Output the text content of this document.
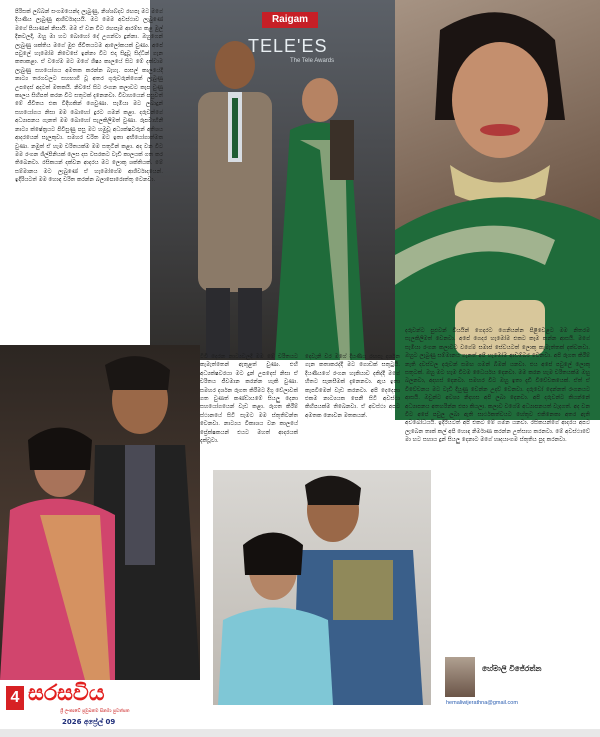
Raigam
TELE'ES
The Tele Awards

පිරිසක් ලබ්බන් සංගමයෙන්ද ලැබුණු, නිශ්ශබ්දව රඟපෑ මට මගේ දියණිය ලැබුණු ආශිර්වාදයයි. මට මෙම අවස්ථාව ලැබුණේ මගේ පියාණන් නිසායි. මම ඒ වන විට රඟපෑම ආරම්භ කළ මුල් දිනවලදී, ඔහු මා හට බොහෝ දේ උගන්වා දුන්නා. ඔහුගෙන් ලැබුණු ශක්තිය මගේ මුළු ජීවිතයටම ආලෝකයක් වුණා. අපේ පවුලේ හැමෝම නිවෙසේ ඉන්නා විට එදා සිදුවූ සිද්ධීන් ගැන කතාකළා. ඒ වගේම මට මගේ ශිෂ්‍ය කාලයේ සිට මේ දක්වාම ලැබුණු සහයෝගය අමතක කරන්න බැහැ. පාසල් කාලයේදී නාට්‍ය තරගවලට සහභාගි වූ අතර ගුරුවරුන්ගෙන් ලැබුණු උපදෙස් අදටත් මතකයි. නිවසේ සිට රංගන කලාවට කැප වුණු කාලය සිහිපත් කරන විට සතුටක් දැනෙනවා. විවාහයෙන් පසුවත් මේ ජීවිතය එක විදිහකින් ගෙවුණා. සැමියා මට ලබාදුන් සහයෝගය නිසා මම බොහෝ දුරට ගමන් කළා. දරුවන්ගේ අධ්‍යාපනය ගැනත් මම බොහෝ සැලකිලිමත් වුණා. රූපවාහිනී නාට්‍ය ක්ෂේත්‍රයට පිවිසුණු පසු මට හමුවූ අධ්‍යක්ෂවරුන් අතිශය ආදරයෙන් සැලකුවා. සමහර චරිත මට ඉතා අභියෝගාත්මක වුණා. නමුත් ඒ හැම චරිතයක්ම මම සතුටින් කළා. අද වන විට මම රංගන ශිල්පිනියක් ලෙස දස වසරකට වැඩි කාලයක් ගත කර තිබෙනවා. රසිකයන් දක්වන ආදරය මට ලොකු ශක්තියක්. මේ සම්මානය මට ලැබුණේ ඒ හැමෝගේම ආශිර්වාදයෙන්. ඉදිරියටත් මම හොඳ චරිත කරන්න බලාපොරොත්තු වෙනවා.

ටීවී දෙරන නාට්‍යවලදී මම මේ චරිතයට කැමැත්තෙන් ඇතුළත් වුණා. එහි අධ්‍යක්ෂවරයා මට දුන් උපදෙස් නිසා ඒ චරිතය ජීවමාන කරන්න හැකි වුණා. සමහර දර්ශන රූගත කිරීමට දිගු වේලාවක් ගත වුණත් කණ්ඩායමේ සියලු දෙනා සහයෝගයෙන් වැඩ කළා. රූගත කිරීම් ස්ථානයේ සිටි සැමට මම ස්තුතිවන්ත වෙනවා. නාට්‍යය විකාශය වන කාලයේ ප්‍රේක්ෂකයන් එයට මහත් ආදරයක් දැක්වූවා.

දෙවැනි වර මගේ දියණිය රඟපෑ දර්ශන ගැන කතාකරද්දී මට ගොඩක් සතුටුයි. දියණියගේ රංගන හැකියාව දකිද්දී මගේ හිතට සැනසීමක් දැනෙනවා. ඇය ඉතා කැපවීමෙන් වැඩ කරනවා. අපි දෙදෙනා එකම නාට්‍යයක පෙනී සිටි අවස්ථා කිහිපයක්ම තිබෙනවා. ඒ අවස්ථා අපට අමතක නොවන මතකයන්.

දරුවන්ට පුළුවන් වියයින් ගෙදරට ගෙනියන්න පිළිවෙළට මම නිතරම සැලකිලිමත් වෙනවා. අපේ ගෙදර හැමෝම එකට කෑම කන්න ආසයි. මගේ සැමියා රංගන කලාවට වගේම සමාජ සේවයටත් ලොකු කැමැත්තක් දක්වනවා. ඔහුට ලැබුණු සම්මානය ගැනත් අපි හැමෝම ආඩම්බර වෙනවා. අපි රූගත කිරීම් නැති දවස්වල දරුවන් සමඟ ගමන් බිමන් යනවා. එය අපේ පවුලේ ලොකු සතුටක්. ඔහු මට හැම විටම ධෛර්යය දෙනවා. මම කරන හැම චරිතයක්ම ඔහු බලනවා, අදහස් දෙනවා. සමහර විට ඔහු ඉතා දැඩි විවේචකයෙක්. ඒත් ඒ විවේචනය මට වැඩි දියුණු වෙන්න උදව් වෙනවා. දරුවෝ දෙන්නත් රංගනයට ආසයි. ඔවුන්ට අවශ්‍ය නිදහස අපි ලබා දෙනවා. අපි දරුවන්ට කියන්නේ අධ්‍යාපනය අතහරින්න එපා කියලා. කලාව වගේම අධ්‍යාපනයත් වැදගත්. අද වන විට අපේ පවුල ලබා ඇති සාර්ථකත්වයට හේතුව එකිනෙකා අතර ඇති අවබෝධයයි. ඉදිරියටත් අපි එකට මේ ගමන යනවා. රසිකයන්ගේ ආදරය අපට ලැබෙන තාක් කල් අපි හොඳ නිර්මාණ කරන්න උත්සාහ කරනවා. මේ අවස්ථාවේ මා හට සහාය දුන් සියලු දෙනාට මගේ හෘදයාංගම ස්තුතිය පුද කරනවා.

හේමාලි විජේරත්න
hemaliwijerathna@gmail.com
4 සරසවිය
ශ්‍රී ලංකාවේ ප්‍රමුඛතම සිනමා පුවත්පත
2026 අප්‍රේල් 09
